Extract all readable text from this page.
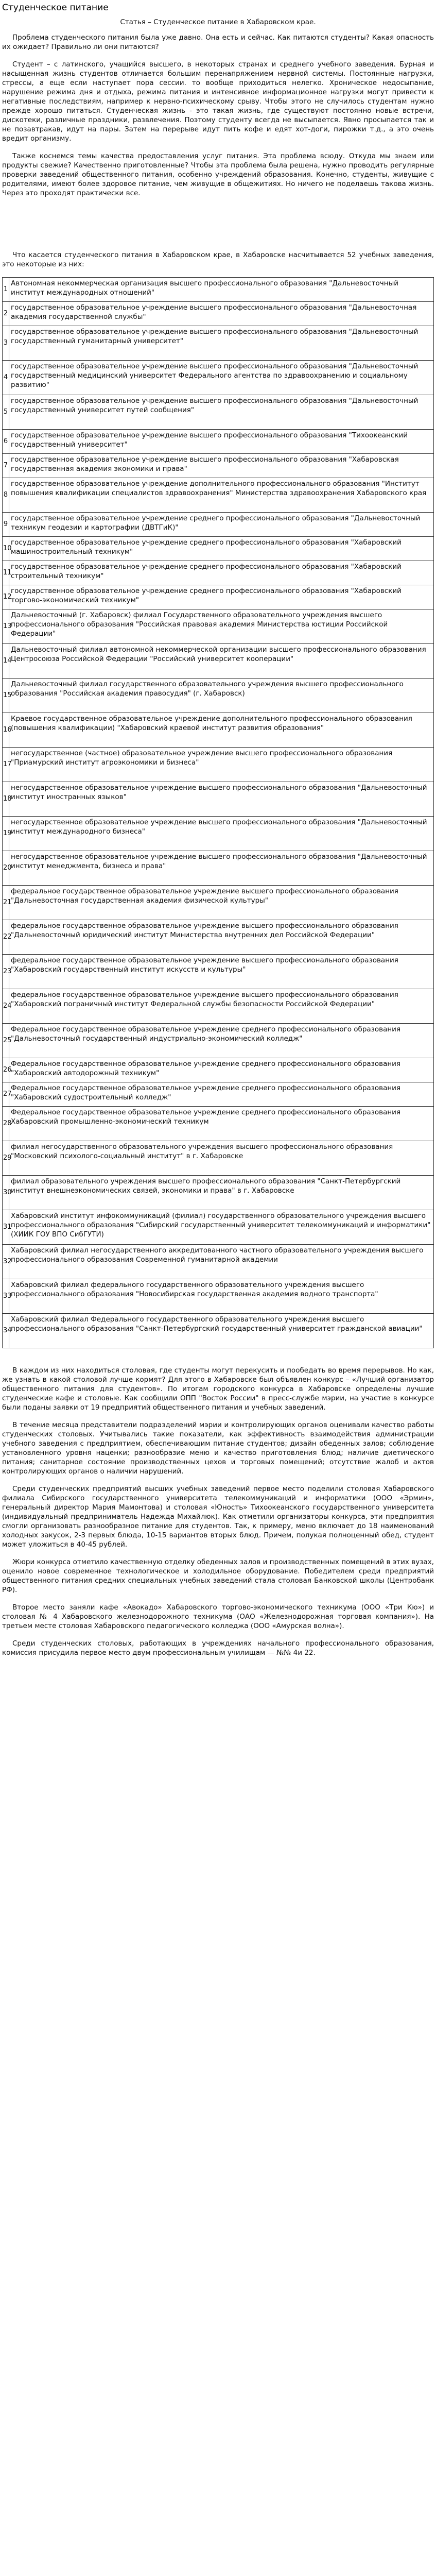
Студенческое питание
Статья – Студенческое питание в Хабаровском крае.

Проблема студенческого питания была уже давно. Она есть и сейчас. Как питаются студенты? Какая опасность их ожидает? Правильно ли они питаются?

Студент – с латинского, учащийся высшего, в некоторых странах и среднего учебного заведения. Бурная и насыщенная жизнь студентов отличается большим перенапряжением нервной системы. Постоянные нагрузки, стрессы, а еще если наступает пора сессии. то вообще приходиться нелегко. Хроническое недосыпание, нарушение режима дня и отдыха, режима питания и интенсивное информационное нагрузки могут привести к негативные последствиям, например к нервно-психическому срыву. Чтобы этого не случилось студентам нужно прежде хорошо питаться. Студенческая жизнь - это такая жизнь, где существуют постоянно новые встречи, дискотеки, различные праздники, развлечения. Поэтому студенту всегда не высыпается. Явно просыпается так и не позавтракав, идут на пары. Затем на перерыве идут пить кофе и едят хот-доги, пирожки т.д., а это очень вредит организму.

Также коснемся темы качества предоставления услуг питания. Эта проблема всюду. Откуда мы знаем или продукты свежие? Качественно приготовленные? Чтобы эта проблема была решена, нужно проводить регулярные проверки заведений общественного питания, особенно учреждений образования. Конечно, студенты, живущие с родителями, имеют более здоровое питание, чем живущие в общежитиях. Но ничего не поделаешь такова жизнь. Через это проходят практически все.

Что касается студенческого питания в Хабаровском крае, в Хабаровске насчитывается 52 учебных заведения, это некоторые из них:

1	Автономная некоммерческая организация высшего профессионального образования "Дальневосточный институт международных отношений"
2	государственное образовательное учреждение высшего профессионального образования "Дальневосточная академия государственной службы"
3	государственное образовательное учреждение высшего профессионального образования "Дальневосточный государственный гуманитарный университет"
4	государственное образовательное учреждение высшего профессионального образования "Дальневосточный государственный медицинский университет Федерального агентства по здравоохранению и социальному развитию"
5	государственное образовательное учреждение высшего профессионального образования "Дальневосточный государственный университет путей сообщения"
6	государственное образовательное учреждение высшего профессионального образования "Тихоокеанский государственный университет"
7	государственное образовательное учреждение высшего профессионального образования "Хабаровская государственная академия экономики и права"
8	государственное образовательное учреждение дополнительного профессионального образования "Институт повышения квалификации специалистов здравоохранения" Министерства здравоохранения Хабаровского края
9	государственное образовательное учреждение среднего профессионального образования "Дальневосточный техникум геодезии и картографии (ДВТГиК)"
10	государственное образовательное учреждение среднего профессионального образования "Хабаровский машиностроительный техникум"
11	государственное образовательное учреждение среднего профессионального образования "Хабаровский строительный техникум"
12	государственное образовательное учреждение среднего профессионального образования "Хабаровский торгово-экономический техникум"
13	Дальневосточный (г. Хабаровск) филиал Государственного образовательного учреждения высшего профессионального образования "Российская правовая академия Министерства юстиции Российской Федерации"
14	Дальневосточный филиал автономной некоммерческой организации высшего профессионального образования Центросоюза Российской Федерации "Российский университет кооперации"
15	Дальневосточный филиал государственного образовательного учреждения высшего профессионального образования "Российская академия правосудия" (г. Хабаровск)
16	Краевое государственное образовательное учреждение дополнительного профессионального образования (повышения квалификации) "Хабаровский краевой институт развития образования"
17	негосударственное (частное) образовательное учреждение высшего профессионального образования "Приамурский институт агроэкономики и бизнеса"
18	негосударственное образовательное учреждение высшего профессионального образования "Дальневосточный институт иностранных языков"
19	негосударственное образовательное учреждение высшего профессионального образования "Дальневосточный институт международного бизнеса"
20	негосударственное образовательное учреждение высшего профессионального образования "Дальневосточный институт менеджмента, бизнеса и права"
21	федеральное государственное образовательное учреждение высшего профессионального образования "Дальневосточная государственная академия физической культуры"
22	федеральное государственное образовательное учреждение высшего профессионального образования "Дальневосточный юридический институт Министерства внутренних дел Российской Федерации"
23	федеральное государственное образовательное учреждение высшего профессионального образования "Хабаровский государственный институт искусств и культуры"
24	федеральное государственное образовательное учреждение высшего профессионального образования "Хабаровский пограничный институт Федеральной службы безопасности Российской Федерации"
25	Федеральное государственное образовательное учреждение среднего профессионального образования "Дальневосточный государственный индустриально-экономический колледж"
26	Федеральное государственное образовательное учреждение среднего профессионального образования "Хабаровский автодорожный техникум"
27	Федеральное государственное образовательное учреждение среднего профессионального образования "Хабаровский судостроительный колледж"
28	Федеральное государственное образовательное учреждение среднего профессионального образования Хабаровский промышленно-экономический техникум
29	филиал негосударственного образовательного учреждения высшего профессионального образования "Московский психолого-социальный институт" в г. Хабаровске
30	филиал образовательного учреждения высшего профессионального образования "Санкт-Петербургский институт внешнеэкономических связей, экономики и права" в г. Хабаровске
31	Хабаровский институт инфокоммуникаций (филиал) государственного образовательного учреждения высшего профессионального образования "Сибирский государственный университет телекоммуникаций и информатики" (ХИИК ГОУ ВПО СибГУТИ)
32	Хабаровский филиал негосударственного аккредитованного частного образовательного учреждения высшего профессионального образования Современной гуманитарной академии
33	Хабаровский филиал федерального государственного образовательного учреждения высшего профессионального образования "Новосибирская государственная академия водного транспорта"
34	Хабаровский филиал Федерального государственного образовательного учреждения высшего профессионального образования "Санкт-Петербургский государственный университет гражданской авиации"

В каждом из них находиться столовая, где студенты могут перекусить и пообедать во время перерывов. Но как, же узнать в какой столовой лучше кормят? Для этого в Хабаровске был объявлен конкурс – «Лучший организатор общественного питания для студентов». По итогам городского конкурса в Хабаровске определены лучшие студенческие кафе и столовые. Как сообщили ОПП "Восток России" в пресс-службе мэрии, на участие в конкурсе были поданы заявки от 19 предприятий общественного питания и учебных заведений.

В течение месяца представители подразделений мэрии и контролирующих органов оценивали качество работы студенческих столовых. Учитывались такие показатели, как эффективность взаимодействия администрации учебного заведения с предприятием, обеспечивающим питание студентов; дизайн обеденных залов; соблюдение установленного уровня наценки; разнообразие меню и качество приготовления блюд; наличие диетического питания; санитарное состояние производственных цехов и торговых помещений; отсутствие жалоб и актов контролирующих органов о наличии нарушений.

Среди студенческих предприятий высших учебных заведений первое место поделили столовая Хабаровского филиала Сибирского государственного университета телекоммуникаций и информатики (ООО «Эрмин», генеральный директор Мария Мамонтова) и столовая «Юность» Тихоокеанского государственного университета (индивидуальный предприниматель Надежда Михайлюк). Как отметили организаторы конкурса, эти предприятия смогли организовать разнообразное питание для студентов. Так, к примеру, меню включает до 18 наименований холодных закусок, 2-3 первых блюда, 10-15 вариантов вторых блюд. Причем, полукая полноценный обед, студент может уложиться в 40-45 рублей.

Жюри конкурса отметило качественную отделку обеденных залов и производственных помещений в этих вузах, оценило новое современное технологическое и холодильное оборудование. Победителем среди предприятий общественного питания средних специальных учебных заведений стала столовая Банковской школы (Центробанк РФ).

Второе место заняли кафе «Авокадо» Хабаровского торгово-экономического техникума (ООО «Три Кю») и столовая № 4 Хабаровского железнодорожного техникума (ОАО «Железнодорожная торговая компания»). На третьем месте столовая Хабаровского педагогического колледжа (ООО «Амурская волна»).

Среди студенческих столовых, работающих в учреждениях начального профессионального образования, комиссия присудила первое место двум профессиональным училищам — №№ 4и 22.
